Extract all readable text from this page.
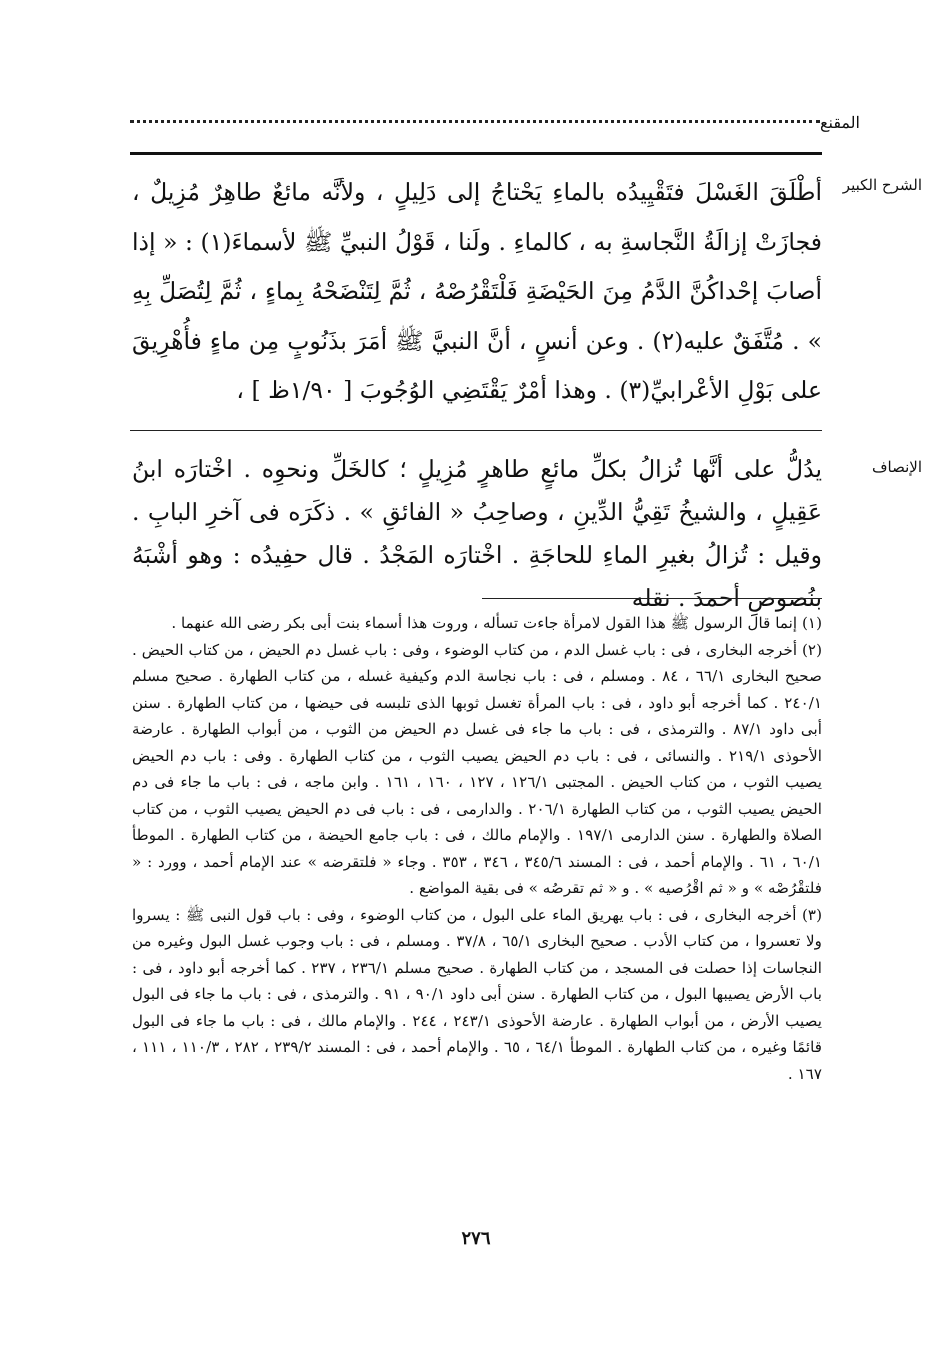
المقنع
الشرح الكبير
أطْلَقَ الغَسْلَ فتَقْيِيدُه بالماءِ يَحْتاجُ إلى دَلِيلٍ ، ولأنَّه مائعٌ طاهِرٌ مُزِيلٌ ، فجازَتْ إزالَةُ النَّجاسةِ به ، كالماءِ . ولَنا ، قَوْلُ النبيِّ ﷺ لأسماءَ(١) : « إذا أصابَ إحْداكُنَّ الدَّمُ مِنَ الحَيْضَةِ فَلْتَقْرُصْهُ ، ثُمَّ لِتَنْضَحْهُ بِماءٍ ، ثُمَّ لِتُصَلِّ بِهِ » . مُتَّفَقٌ عليه(٢) . وعن أنسٍ ، أنَّ النبيَّ ﷺ أمَرَ بذَنُوبٍ مِن ماءٍ فأُهْرِيقَ على بَوْلِ الأعْرابيِّ(٣) . وهذا أمْرٌ يَقْتَضِي الوُجُوبَ [ ١/٩٠ظ ] ،
الإنصاف
يدُلُّ على أنَّها تُزالُ بكلِّ مائعٍ طاهرٍ مُزِيلٍ ؛ كالخَلِّ ونحوِه . اخْتارَه ابنُ عَقِيلٍ ، والشيخُ تَقِيُّ الدِّينِ ، وصاحِبُ « الفائقِ » . ذكَرَه فى آخرِ البابِ . وقيل : تُزالُ بغيرِ الماءِ للحاجَةِ . اخْتارَه المَجْدُ . قال حفِيدُه : وهو أشْبَهُ بنُصوصِ أحمدَ . نقله

(١) إنما قال الرسول ﷺ هذا القول لامرأة جاءت تسأله ، وروت هذا أسماء بنت أبى بكر رضى الله عنهما .

(٢) أخرجه البخارى ، فى : باب غسل الدم ، من كتاب الوضوء ، وفى : باب غسل دم الحيض ، من كتاب الحيض . صحيح البخارى ٦٦/١ ، ٨٤ . ومسلم ، فى : باب نجاسة الدم وكيفية غسله ، من كتاب الطهارة . صحيح مسلم ٢٤٠/١ . كما أخرجه أبو داود ، فى : باب المرأة تغسل ثوبها الذى تلبسه فى حيضها ، من كتاب الطهارة . سنن أبى داود ٨٧/١ . والترمذى ، فى : باب ما جاء فى غسل دم الحيض من الثوب ، من أبواب الطهارة . عارضة الأحوذى ٢١٩/١ . والنسائى ، فى : باب دم الحيض يصيب الثوب ، من كتاب الطهارة . وفى : باب دم الحيض يصيب الثوب ، من كتاب الحيض . المجتبى ١٢٦/١ ، ١٢٧ ، ١٦٠ ، ١٦١ . وابن ماجه ، فى : باب ما جاء فى دم الحيض يصيب الثوب ، من كتاب الطهارة ٢٠٦/١ . والدارمى ، فى : باب فى دم الحيض يصيب الثوب ، من كتاب الصلاة والطهارة . سنن الدارمى ١٩٧/١ . والإمام مالك ، فى : باب جامع الحيضة ، من كتاب الطهارة . الموطأ ٦٠/١ ، ٦١ . والإمام أحمد ، فى : المسند ٣٤٥/٦ ، ٣٤٦ ، ٣٥٣ . وجاء « فلتقرضه » عند الإمام أحمد ، وورد : « فلتقْرُصْه » و « ثم اقْرُصيه » . و « ثم تقرصُه » فى بقية المواضع .

(٣) أخرجه البخارى ، فى : باب يهريق الماء على البول ، من كتاب الوضوء ، وفى : باب قول النبى ﷺ : يسروا ولا تعسروا ، من كتاب الأدب . صحيح البخارى ٦٥/١ ، ٣٧/٨ . ومسلم ، فى : باب وجوب غسل البول وغيره من النجاسات إذا حصلت فى المسجد ، من كتاب الطهارة . صحيح مسلم ٢٣٦/١ ، ٢٣٧ . كما أخرجه أبو داود ، فى : باب الأرض يصيبها البول ، من كتاب الطهارة . سنن أبى داود ٩٠/١ ، ٩١ . والترمذى ، فى : باب ما جاء فى البول يصيب الأرض ، من أبواب الطهارة . عارضة الأحوذى ٢٤٣/١ ، ٢٤٤ . والإمام مالك ، فى : باب ما جاء فى البول قائمًا وغيره ، من كتاب الطهارة . الموطأ ٦٤/١ ، ٦٥ . والإمام أحمد ، فى : المسند ٢٣٩/٢ ، ٢٨٢ ، ١١٠/٣ ، ١١١ ، ١٦٧ .

٢٧٦
